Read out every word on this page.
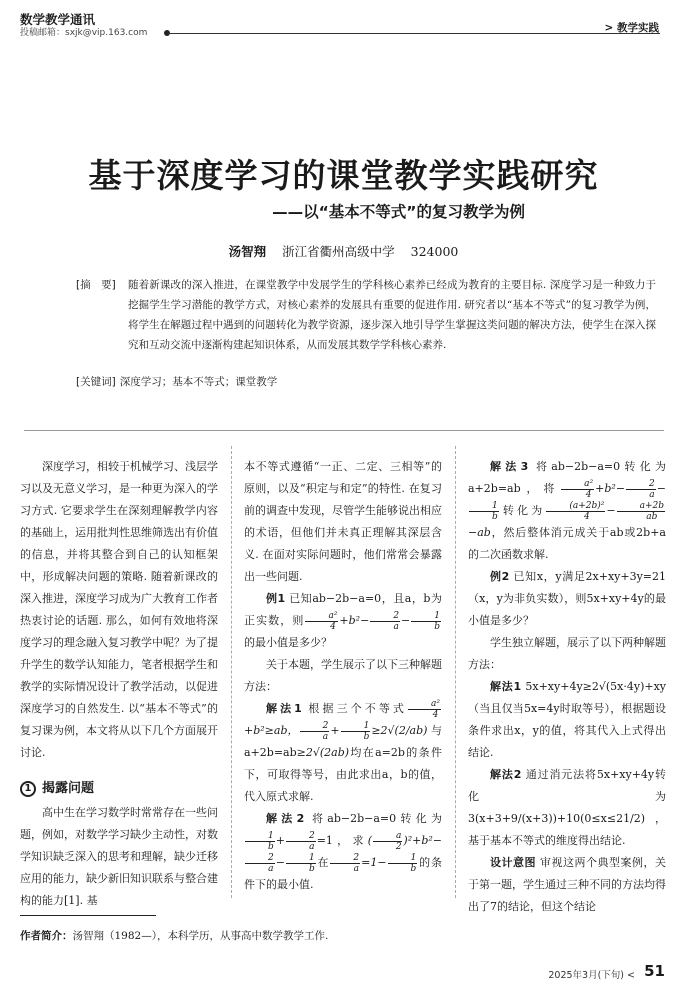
数学教学通讯
投稿邮箱：sxjk@vip.163.com	> 教学实践
基于深度学习的课堂教学实践研究
——以“基本不等式”的复习教学为例
汤智翔 浙江省衢州高级中学 324000
[摘　要] 随着新课改的深入推进，在课堂教学中发展学生的学科核心素养已经成为教育的主要目标. 深度学习是一种致力于挖掘学生学习潜能的教学方式，对核心素养的发展具有重要的促进作用. 研究者以“基本不等式”的复习教学为例，将学生在解题过程中遇到的问题转化为教学资源，逐步深入地引导学生掌握这类问题的解决方法，使学生在深入探究和互动交流中逐渐构建起知识体系，从而发展其数学学科核心素养.
[关键词] 深度学习；基本不等式；课堂教学

深度学习，相较于机械学习、浅层学习以及无意义学习，是一种更为深入的学习方式. 它要求学生在深刻理解教学内容的基础上，运用批判性思维筛选出有价值的信息，并将其整合到自己的认知框架中，形成解决问题的策略. 随着新课改的深入推进，深度学习成为广大教育工作者热衷讨论的话题. 那么，如何有效地将深度学习的理念融入复习教学中呢？为了提升学生的数学认知能力，笔者根据学生和教学的实际情况设计了教学活动，以促进深度学习的自然发生. 以“基本不等式”的复习课为例，本文将从以下几个方面展开讨论.

1 揭露问题

高中生在学习数学时常常存在一些问题，例如，对数学学习缺少主动性，对数学知识缺乏深入的思考和理解，缺少迁移应用的能力，缺少新旧知识联系与整合建构的能力[1]. 基

本不等式遵循“一正、二定、三相等”的原则，以及“积定与和定”的特性. 在复习前的调查中发现，尽管学生能够说出相应的术语，但他们并未真正理解其深层含义. 在面对实际问题时，他们常常会暴露出一些问题.

例1 已知ab−2b−a=0，且a，b为正实数，则 $\frac{\text{a²}}{4} +b^2- \frac{2}{a} - \frac{1}{b}$
的最小值是多少？

关于本题，学生展示了以下三种解题方法：

解法1 根据三个不等式 $\frac{\text{a²}}{4}$
+b²≥ab， $\frac{2}{a} + \frac{1}{b} \ge 2√(2/ab)$ 与a+2b=ab≥2√(2ab)均在a=2b的条件下，可取得等号，由此求出a，b的值，代入原式求解.

解法2 将ab−2b−a=0转化为
$\frac{1}{b} + \frac{2}{a} =1$，求( $\frac{a}{2} )^2+b^2-$
$\frac{2}{a} - \frac{1}{b}$ 在 $\frac{2}{a} =1- \frac{1}{b}$ 的条件下的最小值.

解法3 将ab−2b−a=0转化为a+2b=ab，将 $\frac{\text{a²}}{4} +b^2- \frac{2}{a}$ −
$\frac{1}{b}$ 转化为 $\frac{\text{(a+2b)²}}{4} - \frac{a+2b}{ab}$
−ab，然后整体消元成关于ab或2b+a的二次函数求解.

例2 已知x，y满足2x+xy+3y=21（x，y为非负实数），则5x+xy+4y的最小值是多少？

学生独立解题，展示了以下两种解题方法：

解法1 5x+xy+4y≥2√(5x·4y)+xy（当且仅当5x=4y时取等号），根据题设条件求出x，y的值，将其代入上式得出结论.

解法2 通过消元法将5x+xy+4y转化为3(x+3+9/(x+3))+10(0≤x≤21/2)，基于基本不等式的维度得出结论.

设计意图 审视这两个典型案例，关于第一题，学生通过三种不同的方法均得出了7的结论，但这个结论

作者简介：汤智翔（1982—），本科学历，从事高中数学教学工作.
2025年3月(下旬) < 51
